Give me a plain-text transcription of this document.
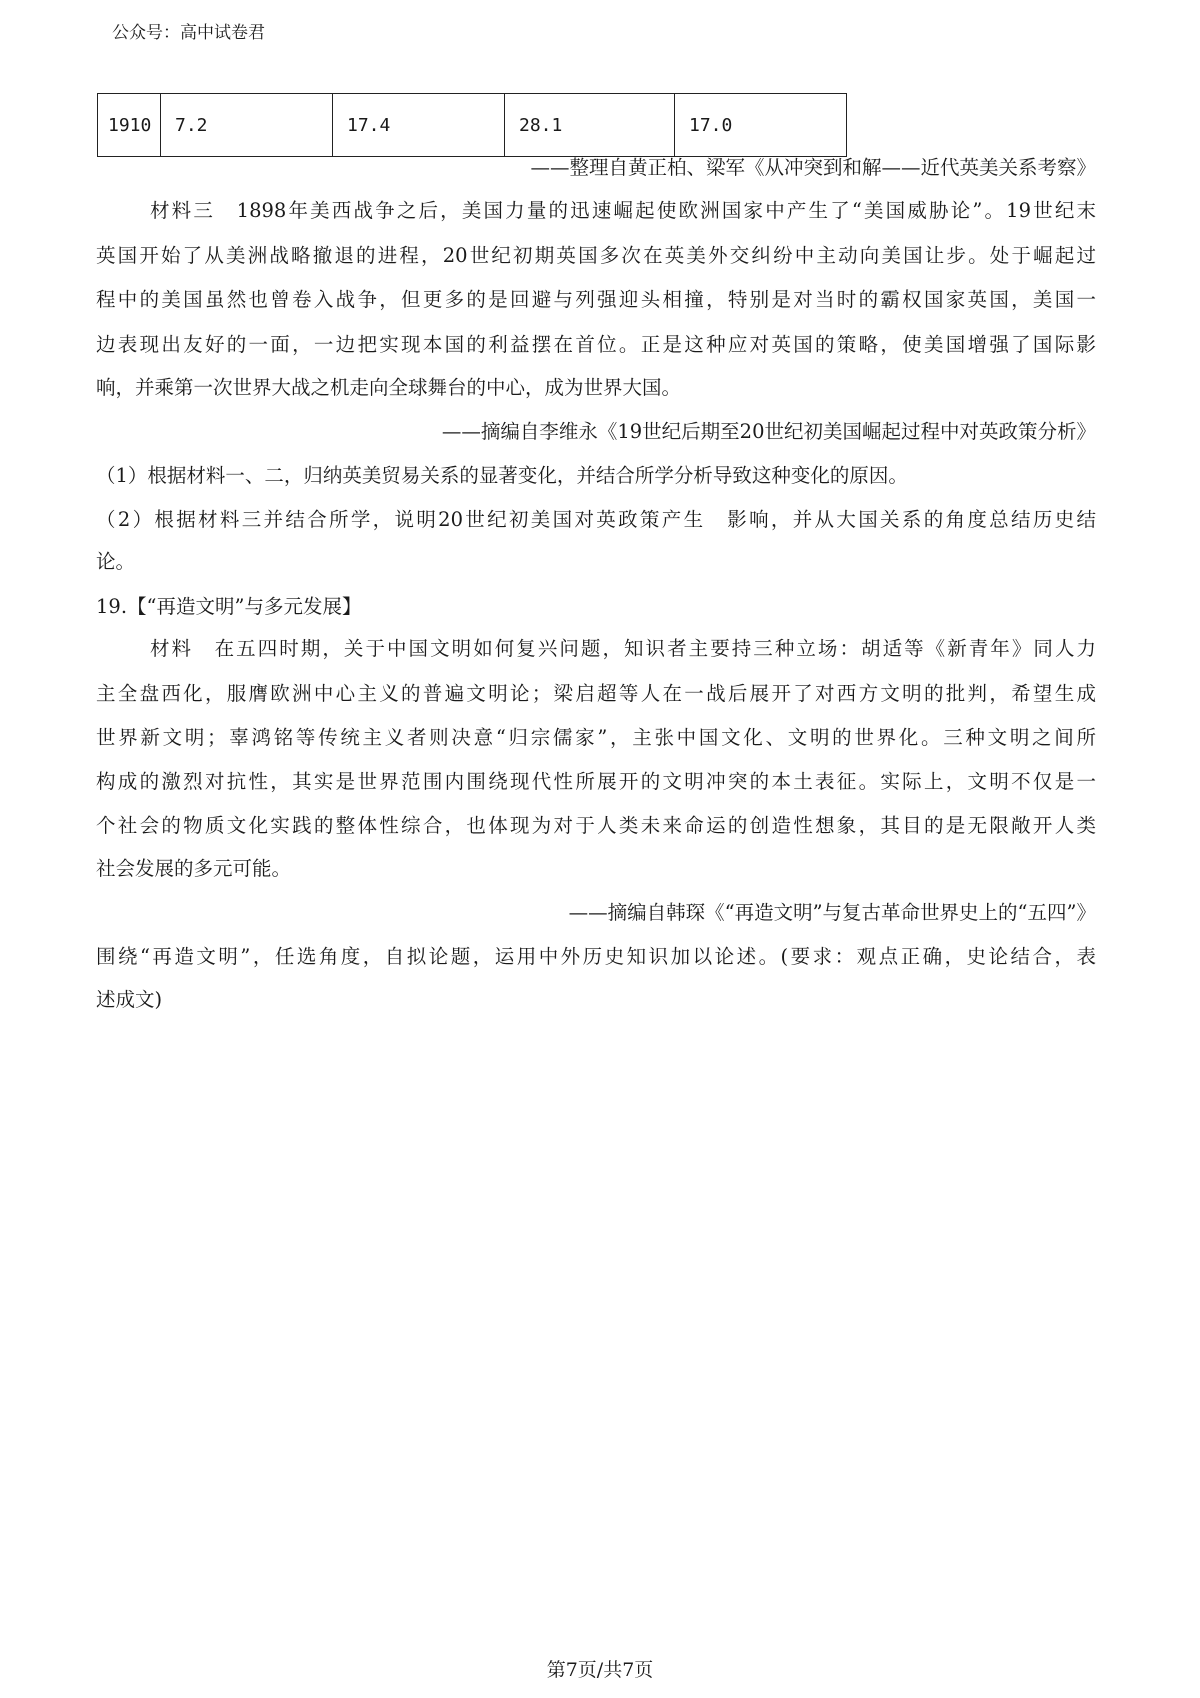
公众号：高中试卷君
1910	7.2	17.4	28.1	17.0
——整理自黄正柏、梁军《从冲突到和解——近代英美关系考察》
材料三　1898年美西战争之后，美国力量的迅速崛起使欧洲国家中产生了“美国威胁论”。19世纪末
英国开始了从美洲战略撤退的进程，20世纪初期英国多次在英美外交纠纷中主动向美国让步。处于崛起过
程中的美国虽然也曾卷入战争，但更多的是回避与列强迎头相撞，特别是对当时的霸权国家英国，美国一
边表现出友好的一面，一边把实现本国的利益摆在首位。正是这种应对英国的策略，使美国增强了国际影
响，并乘第一次世界大战之机走向全球舞台的中心，成为世界大国。
——摘编自李维永《19世纪后期至20世纪初美国崛起过程中对英政策分析》
（1）根据材料一、二，归纳英美贸易关系的显著变化，并结合所学分析导致这种变化的原因。
（2）根据材料三并结合所学，说明20世纪初美国对英政策产生　影响，并从大国关系的角度总结历史结
论。
19.【“再造文明”与多元发展】
材料　在五四时期，关于中国文明如何复兴问题，知识者主要持三种立场：胡适等《新青年》同人力
主全盘西化，服膺欧洲中心主义的普遍文明论；梁启超等人在一战后展开了对西方文明的批判，希望生成
世界新文明；辜鸿铭等传统主义者则决意“归宗儒家”，主张中国文化、文明的世界化。三种文明之间所
构成的激烈对抗性，其实是世界范围内围绕现代性所展开的文明冲突的本土表征。实际上，文明不仅是一
个社会的物质文化实践的整体性综合，也体现为对于人类未来命运的创造性想象，其目的是无限敞开人类
社会发展的多元可能。
——摘编自韩琛《“再造文明”与复古革命世界史上的“五四”》
围绕“再造文明”，任选角度，自拟论题，运用中外历史知识加以论述。(要求：观点正确，史论结合，表
述成文)
第7页/共7页
